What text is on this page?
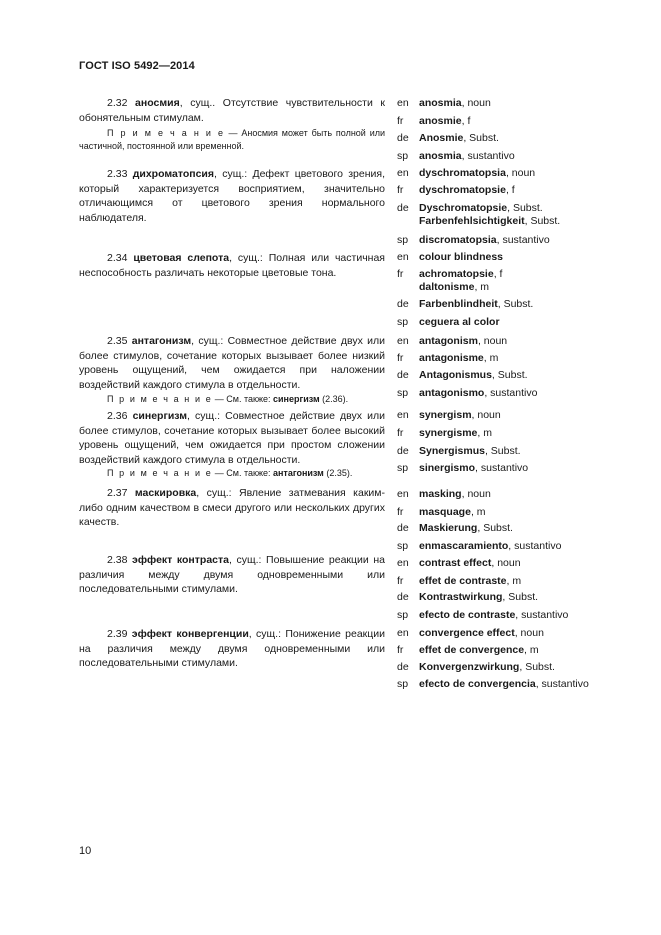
ГОСТ ISO 5492—2014

2.32 аносмия, сущ.. Отсутствие чувствительности к обонятельным стимулам.

П р и м е ч а н и е — Аносмия может быть полной или частичной, постоянной или временной.

2.33 дихроматопсия, сущ.: Дефект цветового зрения, который характеризуется восприятием, значительно отличающимся от цветового зрения нормального наблюдателя.

2.34 цветовая слепота, сущ.: Полная или частичная неспособность различать некоторые цветовые тона.

2.35 антагонизм, сущ.: Совместное действие двух или более стимулов, сочетание которых вызывает более низкий уровень ощущений, чем ожидается при наложении воздействий каждого стимула в отдельности.

П р и м е ч а н и е — См. также: синергизм (2.36).

2.36 синергизм, сущ.: Совместное действие двух или более стимулов, сочетание которых вызывает более высокий уровень ощущений, чем ожидается при простом сложении воздействий каждого стимула в отдельности.

П р и м е ч а н и е — См. также: антагонизм (2.35).

2.37 маскировка, сущ.: Явление затмевания каким-либо одним качеством в смеси другого или нескольких других качеств.

2.38 эффект контраста, сущ.: Повышение реакции на различия между двумя одновременными или последовательными стимулами.

2.39 эффект конвергенции, сущ.: Понижение реакции на различия между двумя одновременными или последовательными стимулами.

en anosmia, noun
fr	anosmie, f
de Anosmie, Subst.
sp	anosmia, sustantivo
en dyschromatopsia, noun
fr	dyschromatopsie, f
de Dyschromatopsie, Subst.
Farbenfehlsichtigkeit, Subst.
sp	discromatopsia, sustantivo
en colour blindness
fr	achromatopsie, f
daltonisme, m
de Farbenblindheit, Subst.
sp	ceguera al color
en antagonism, noun
fr	antagonisme, m
de Antagonismus, Subst.
sp	antagonismo, sustantivo
en synergism, noun
fr	synergisme, m
de Synergismus, Subst.
sp	sinergismo, sustantivo
en masking, noun
fr	masquage, m
de Maskierung, Subst.
sp	enmascaramiento, sustantivo
en contrast effect, noun
fr	effet de contraste, m
de Kontrastwirkung, Subst.
sp	efecto de contraste, sustantivo
en convergence effect, noun
fr	effet de convergence, m
de Konvergenzwirkung, Subst.
sp	efecto de convergencia, sustantivo
10
